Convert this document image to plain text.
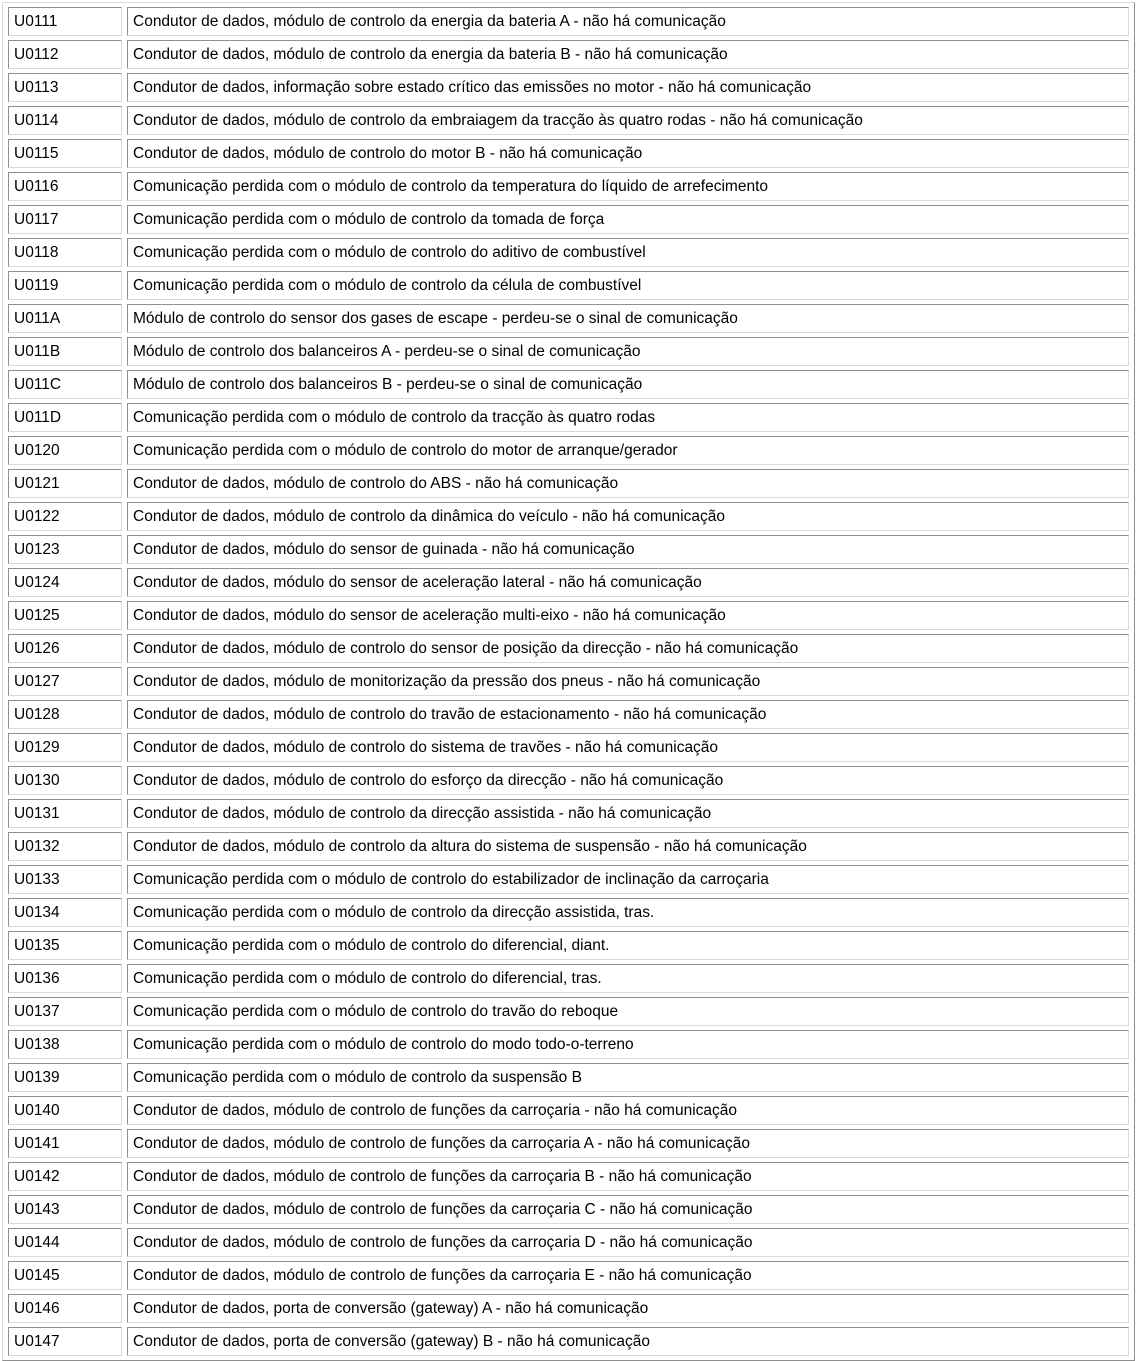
U0111	Condutor de dados, módulo de controlo da energia da bateria A - não há comunicação
U0112	Condutor de dados, módulo de controlo da energia da bateria B - não há comunicação
U0113	Condutor de dados, informação sobre estado crítico das emissões no motor - não há comunicação
U0114	Condutor de dados, módulo de controlo da embraiagem da tracção às quatro rodas - não há comunicação
U0115	Condutor de dados, módulo de controlo do motor B - não há comunicação
U0116	Comunicação perdida com o módulo de controlo da temperatura do líquido de arrefecimento
U0117	Comunicação perdida com o módulo de controlo da tomada de força
U0118	Comunicação perdida com o módulo de controlo do aditivo de combustível
U0119	Comunicação perdida com o módulo de controlo da célula de combustível
U011A	Módulo de controlo do sensor dos gases de escape - perdeu-se o sinal de comunicação
U011B	Módulo de controlo dos balanceiros A - perdeu-se o sinal de comunicação
U011C	Módulo de controlo dos balanceiros B - perdeu-se o sinal de comunicação
U011D	Comunicação perdida com o módulo de controlo da tracção às quatro rodas
U0120	Comunicação perdida com o módulo de controlo do motor de arranque/gerador
U0121	Condutor de dados, módulo de controlo do ABS - não há comunicação
U0122	Condutor de dados, módulo de controlo da dinâmica do veículo - não há comunicação
U0123	Condutor de dados, módulo do sensor de guinada - não há comunicação
U0124	Condutor de dados, módulo do sensor de aceleração lateral - não há comunicação
U0125	Condutor de dados, módulo do sensor de aceleração multi-eixo - não há comunicação
U0126	Condutor de dados, módulo de controlo do sensor de posição da direcção - não há comunicação
U0127	Condutor de dados, módulo de monitorização da pressão dos pneus - não há comunicação
U0128	Condutor de dados, módulo de controlo do travão de estacionamento - não há comunicação
U0129	Condutor de dados, módulo de controlo do sistema de travões - não há comunicação
U0130	Condutor de dados, módulo de controlo do esforço da direcção - não há comunicação
U0131	Condutor de dados, módulo de controlo da direcção assistida - não há comunicação
U0132	Condutor de dados, módulo de controlo da altura do sistema de suspensão - não há comunicação
U0133	Comunicação perdida com o módulo de controlo do estabilizador de inclinação da carroçaria
U0134	Comunicação perdida com o módulo de controlo da direcção assistida, tras.
U0135	Comunicação perdida com o módulo de controlo do diferencial, diant.
U0136	Comunicação perdida com o módulo de controlo do diferencial, tras.
U0137	Comunicação perdida com o módulo de controlo do travão do reboque
U0138	Comunicação perdida com o módulo de controlo do modo todo-o-terreno
U0139	Comunicação perdida com o módulo de controlo da suspensão B
U0140	Condutor de dados, módulo de controlo de funções da carroçaria - não há comunicação
U0141	Condutor de dados, módulo de controlo de funções da carroçaria A - não há comunicação
U0142	Condutor de dados, módulo de controlo de funções da carroçaria B - não há comunicação
U0143	Condutor de dados, módulo de controlo de funções da carroçaria C - não há comunicação
U0144	Condutor de dados, módulo de controlo de funções da carroçaria D - não há comunicação
U0145	Condutor de dados, módulo de controlo de funções da carroçaria E - não há comunicação
U0146	Condutor de dados, porta de conversão (gateway) A - não há comunicação
U0147	Condutor de dados, porta de conversão (gateway) B - não há comunicação
